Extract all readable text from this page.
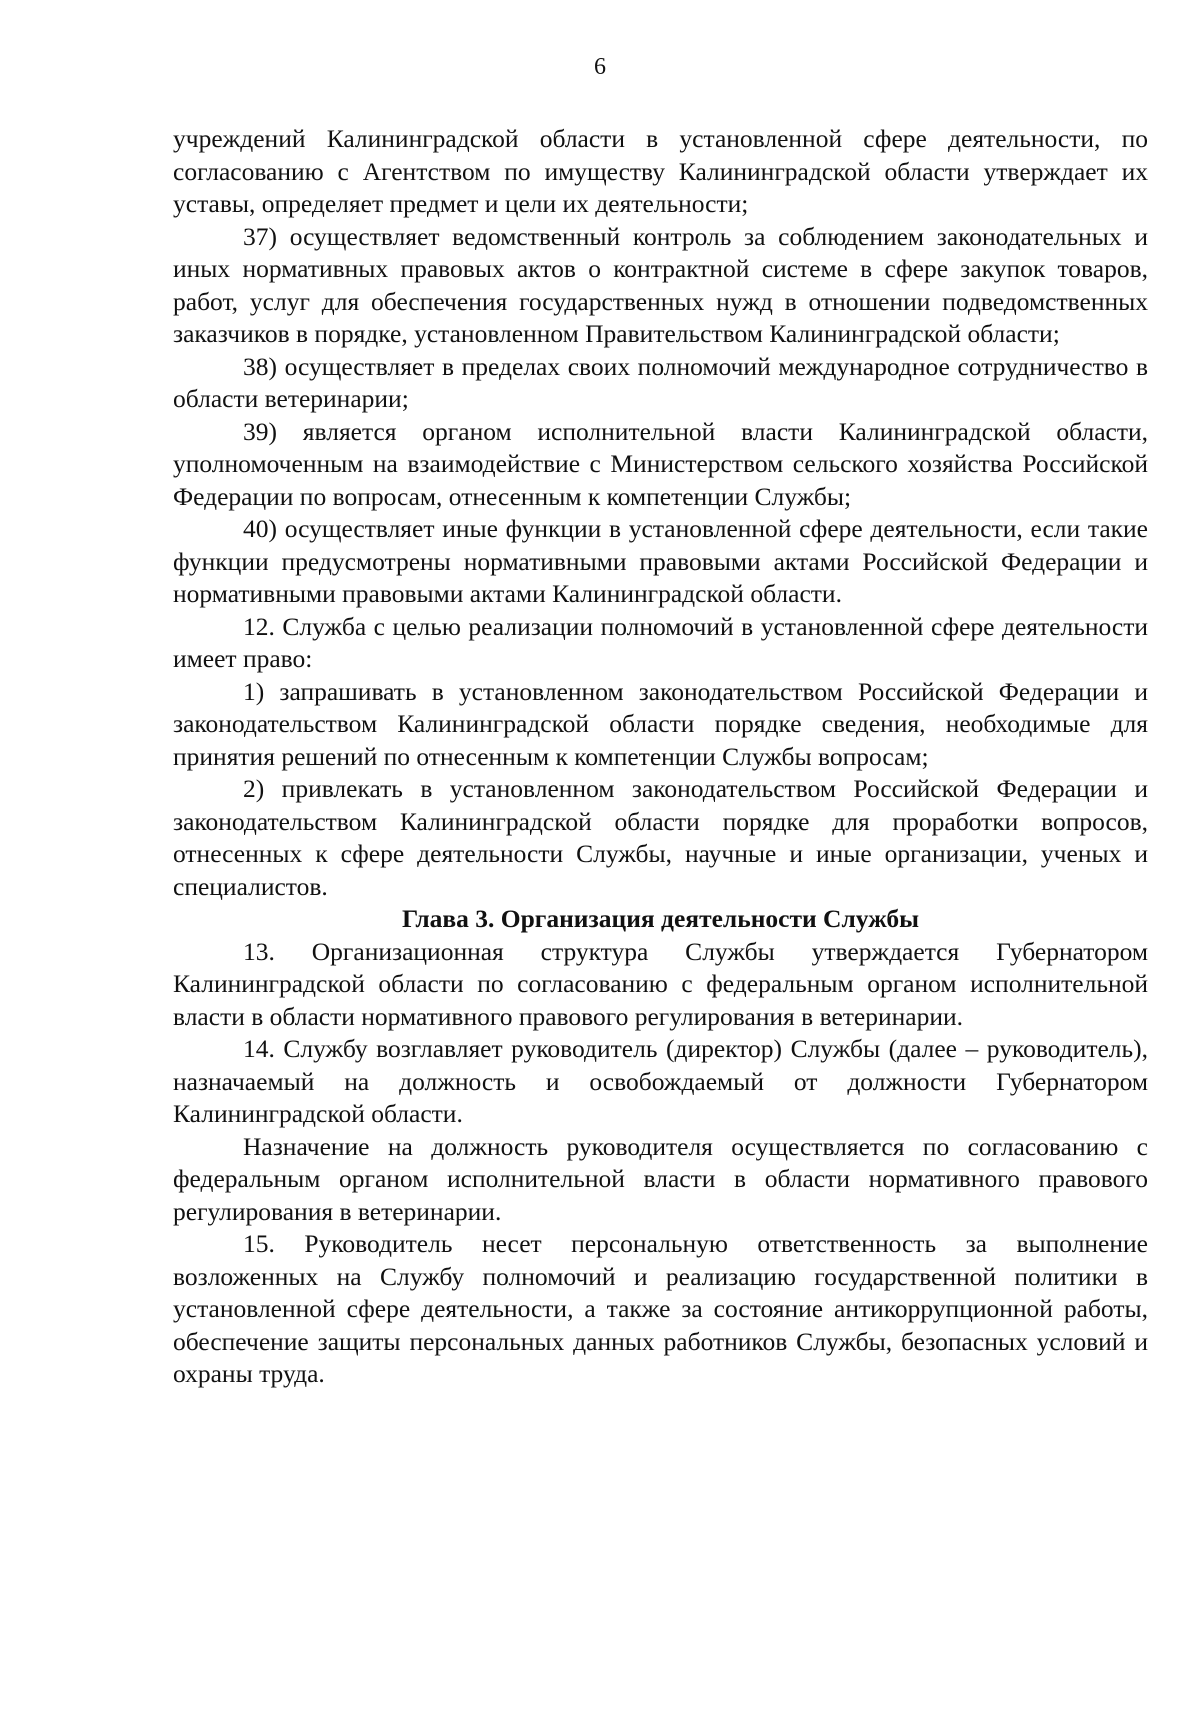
6

учреждений Калининградской области в установленной сфере деятельности, по согласованию с Агентством по имуществу Калининградской области утверждает их уставы, определяет предмет и цели их деятельности;

37) осуществляет ведомственный контроль за соблюдением законодательных и иных нормативных правовых актов о контрактной системе в сфере закупок товаров, работ, услуг для обеспечения государственных нужд в отношении подведомственных заказчиков в порядке, установленном Правительством Калининградской области;

38) осуществляет в пределах своих полномочий международное сотрудничество в области ветеринарии;

39) является органом исполнительной власти Калининградской области, уполномоченным на взаимодействие с Министерством сельского хозяйства Российской Федерации по вопросам, отнесенным к компетенции Службы;

40) осуществляет иные функции в установленной сфере деятельности, если такие функции предусмотрены нормативными правовыми актами Российской Федерации и нормативными правовыми актами Калининградской области.

12. Служба с целью реализации полномочий в установленной сфере деятельности имеет право:

1) запрашивать в установленном законодательством Российской Федерации и законодательством Калининградской области порядке сведения, необходимые для принятия решений по отнесенным к компетенции Службы вопросам;

2) привлекать в установленном законодательством Российской Федерации и законодательством Калининградской области порядке для проработки вопросов, отнесенных к сфере деятельности Службы, научные и иные организации, ученых и специалистов.

Глава 3. Организация деятельности Службы

13. Организационная структура Службы утверждается Губернатором Калининградской области по согласованию с федеральным органом исполнительной власти в области нормативного правового регулирования в ветеринарии.

14. Службу возглавляет руководитель (директор) Службы (далее – руководитель), назначаемый на должность и освобождаемый от должности Губернатором Калининградской области.

Назначение на должность руководителя осуществляется по согласованию с федеральным органом исполнительной власти в области нормативного правового регулирования в ветеринарии.

15. Руководитель несет персональную ответственность за выполнение возложенных на Службу полномочий и реализацию государственной политики в установленной сфере деятельности, а также за состояние антикоррупционной работы, обеспечение защиты персональных данных работников Службы, безопасных условий и охраны труда.
